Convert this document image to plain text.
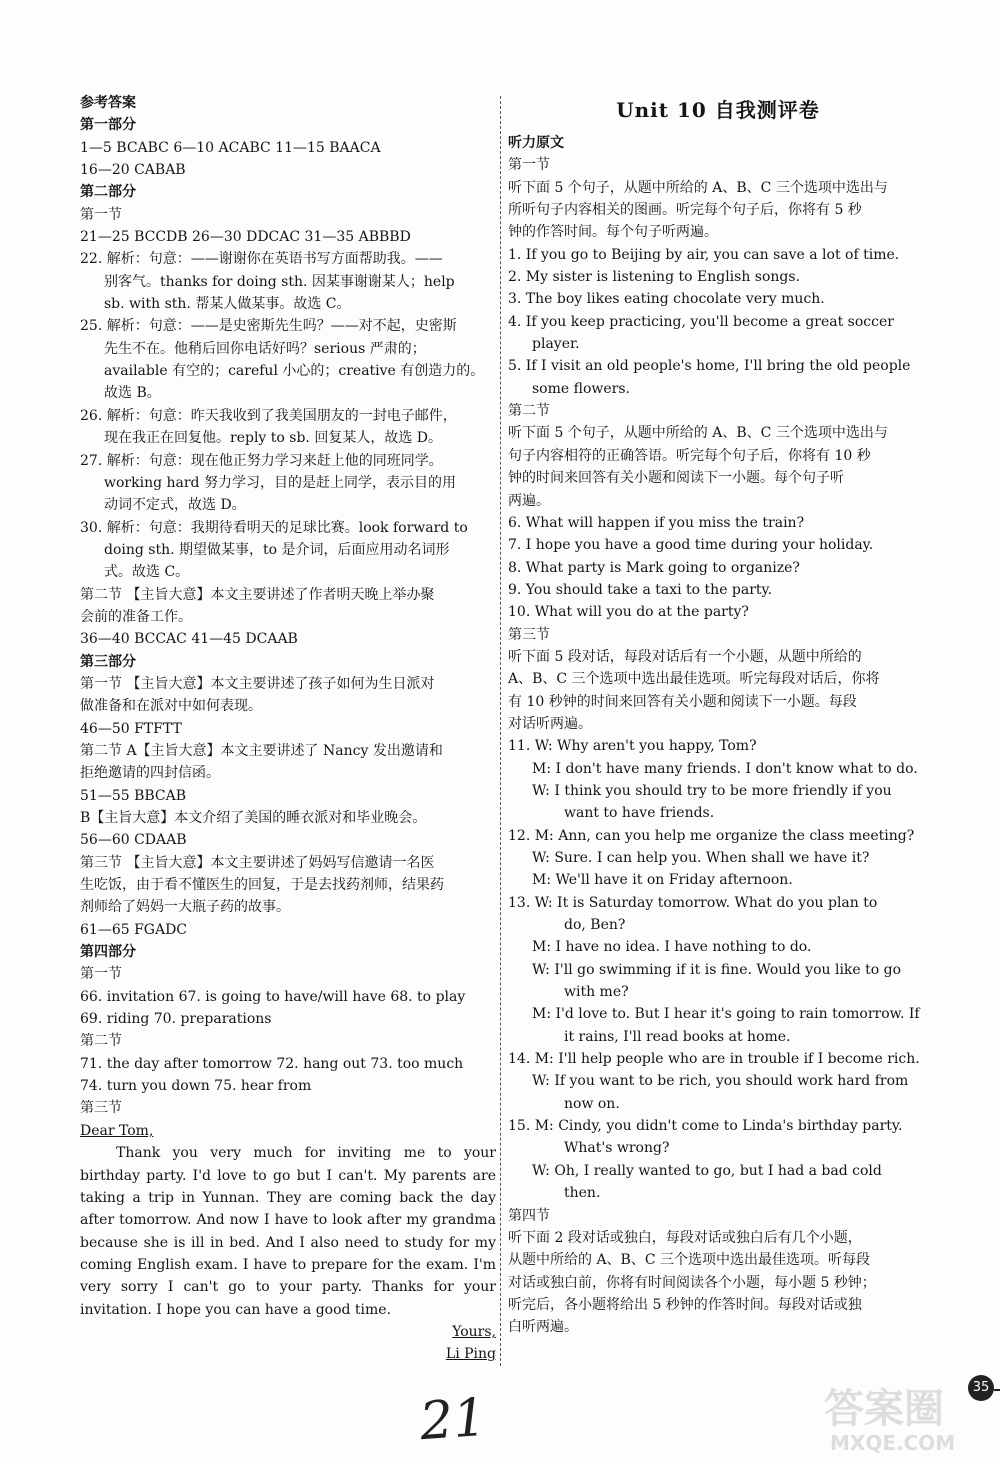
参考答案
第一部分
1—5 BCABC 6—10 ACABC 11—15 BAACA
16—20 CABAB
第二部分
第一节
21—25 BCCDB 26—30 DDCAC 31—35 ABBBD
22. 解析：句意：——谢谢你在英语书写方面帮助我。——
别客气。thanks for doing sth. 因某事谢谢某人；help
sb. with sth. 帮某人做某事。故选 C。
25. 解析：句意：——是史密斯先生吗？——对不起，史密斯
先生不在。他稍后回你电话好吗？serious 严肃的；
available 有空的；careful 小心的；creative 有创造力的。
故选 B。
26. 解析：句意：昨天我收到了我美国朋友的一封电子邮件，
现在我正在回复他。reply to sb. 回复某人，故选 D。
27. 解析：句意：现在他正努力学习来赶上他的同班同学。
working hard 努力学习，目的是赶上同学，表示目的用
动词不定式，故选 D。
30. 解析：句意：我期待看明天的足球比赛。look forward to
doing sth. 期望做某事，to 是介词，后面应用动名词形
式。故选 C。
第二节 【主旨大意】本文主要讲述了作者明天晚上举办聚
会前的准备工作。
36—40 BCCAC 41—45 DCAAB
第三部分
第一节 【主旨大意】本文主要讲述了孩子如何为生日派对
做准备和在派对中如何表现。
46—50 FTFTT
第二节 A【主旨大意】本文主要讲述了 Nancy 发出邀请和
拒绝邀请的四封信函。
51—55 BBCAB
B【主旨大意】本文介绍了美国的睡衣派对和毕业晚会。
56—60 CDAAB
第三节 【主旨大意】本文主要讲述了妈妈写信邀请一名医
生吃饭，由于看不懂医生的回复，于是去找药剂师，结果药
剂师给了妈妈一大瓶子药的故事。
61—65 FGADC
第四部分
第一节
66. invitation 67. is going to have/will have 68. to play
69. riding 70. preparations
第二节
71. the day after tomorrow 72. hang out 73. too much
74. turn you down 75. hear from
第三节
Dear Tom,
Thank you very much for inviting me to your birthday party. I'd love to go but I can't. My parents are taking a trip in Yunnan. They are coming back the day after tomorrow. And now I have to look after my grandma because she is ill in bed. And I also need to study for my coming English exam. I have to prepare for the exam. I'm very sorry I can't go to your party. Thanks for your invitation. I hope you can have a good time.
Yours,
Li Ping
Unit 10 自我测评卷
听力原文
第一节
听下面 5 个句子，从题中所给的 A、B、C 三个选项中选出与
所听句子内容相关的图画。听完每个句子后，你将有 5 秒
钟的作答时间。每个句子听两遍。
1. If you go to Beijing by air, you can save a lot of time.
2. My sister is listening to English songs.
3. The boy likes eating chocolate very much.
4. If you keep practicing, you'll become a great soccer
player.
5. If I visit an old people's home, I'll bring the old people
some flowers.
第二节
听下面 5 个句子，从题中所给的 A、B、C 三个选项中选出与
句子内容相符的正确答语。听完每个句子后，你将有 10 秒
钟的时间来回答有关小题和阅读下一小题。每个句子听
两遍。
6. What will happen if you miss the train?
7. I hope you have a good time during your holiday.
8. What party is Mark going to organize?
9. You should take a taxi to the party.
10. What will you do at the party?
第三节
听下面 5 段对话，每段对话后有一个小题，从题中所给的
A、B、C 三个选项中选出最佳选项。听完每段对话后，你将
有 10 秒钟的时间来回答有关小题和阅读下一小题。每段
对话听两遍。
11. W: Why aren't you happy, Tom?
M: I don't have many friends. I don't know what to do.
W: I think you should try to be more friendly if you
want to have friends.
12. M: Ann, can you help me organize the class meeting?
W: Sure. I can help you. When shall we have it?
M: We'll have it on Friday afternoon.
13. W: It is Saturday tomorrow. What do you plan to
do, Ben?
M: I have no idea. I have nothing to do.
W: I'll go swimming if it is fine. Would you like to go
with me?
M: I'd love to. But I hear it's going to rain tomorrow. If
it rains, I'll read books at home.
14. M: I'll help people who are in trouble if I become rich.
W: If you want to be rich, you should work hard from
now on.
15. M: Cindy, you didn't come to Linda's birthday party.
What's wrong?
W: Oh, I really wanted to go, but I had a bad cold
then.
第四节
听下面 2 段对话或独白，每段对话或独白后有几个小题，
从题中所给的 A、B、C 三个选项中选出最佳选项。听每段
对话或独白前，你将有时间阅读各个小题，每小题 5 秒钟；
听完后，各小题将给出 5 秒钟的作答时间。每段对话或独
白听两遍。
21
35
答案圈
MXQE.COM
